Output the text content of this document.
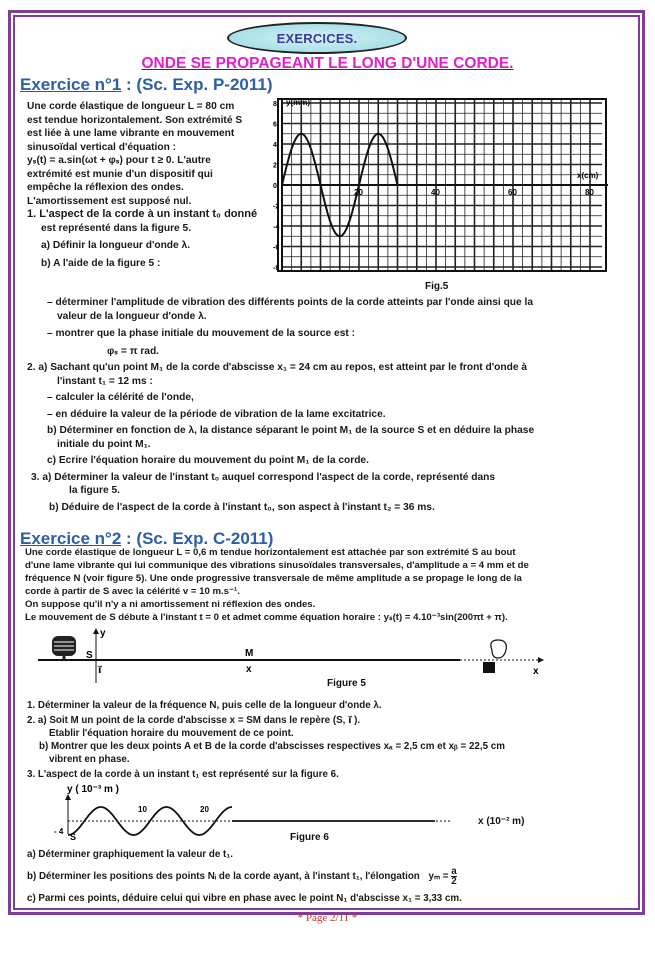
EXERCICES.
ONDE SE PROPAGEANT LE LONG D'UNE CORDE.
Exercice n°1 : (Sc. Exp. P-2011)
Une corde élastique de longueur L = 80 cm
est tendue horizontalement. Son extrémité S
est liée à une lame vibrante en mouvement
sinusoïdal vertical d'équation :
yₛ(t) = a.sin(ωt + φₛ) pour t ≥ 0. L'autre
extrémité est munie d'un dispositif qui
empêche la réflexion des ondes.
L'amortissement est supposé nul.
1. L'aspect de la corde à un instant t₀ donné
est représenté dans la figure 5.
a) Définir la longueur d'onde λ.
b) A l'aide de la figure 5 :
8
6
4
2
0
-2
-4
-6
-8
20	40	60	80
y(mm)
x(cm)
Fig.5
– déterminer l'amplitude de vibration des différents points de la corde atteints par l'onde ainsi que la
valeur de la longueur d'onde λ.
– montrer que la phase initiale du mouvement de la source est :
φₛ = π rad.
2. a) Sachant qu'un point M₁ de la corde d'abscisse x₁ = 24 cm au repos, est atteint par le front d'onde à
l'instant t₁ = 12 ms :
– calculer la célérité de l'onde,
– en déduire la valeur de la période de vibration de la lame excitatrice.
b) Déterminer en fonction de λ, la distance séparant le point M₁ de la source S et en déduire la phase
initiale du point M₁.
c) Ecrire l'équation horaire du mouvement du point M₁ de la corde.
3. a) Déterminer la valeur de l'instant t₀ auquel correspond l'aspect de la corde, représenté dans
la figure 5.
b) Déduire de l'aspect de la corde à l'instant t₀, son aspect à l'instant t₂ = 36 ms.
Exercice n°2 : (Sc. Exp. C-2011)
Une corde élastique de longueur L = 0,6 m tendue horizontalement est attachée par son extrémité S au bout
d'une lame vibrante qui lui communique des vibrations sinusoïdales transversales, d'amplitude a = 4 mm et de
fréquence N (voir figure 5). Une onde progressive transversale de même amplitude a se propage le long de la
corde à partir de S avec la célérité v = 10 m.s⁻¹.
On suppose qu'il n'y a ni amortissement ni réflexion des ondes.
Le mouvement de S débute à l'instant t = 0 et admet comme équation horaire : yₛ(t) = 4.10⁻³sin(200πt + π).
y
S
i⃗
M
x	x
Figure 5
1. Déterminer la valeur de la fréquence N, puis celle de la longueur d'onde λ.
2. a) Soit M un point de la corde d'abscisse x = SM dans le repère (S, i⃗ ).
Etablir l'équation horaire du mouvement de ce point.
b) Montrer que les deux points A et B de la corde d'abscisses respectives xₐ = 2,5 cm et xᵦ = 22,5 cm
vibrent en phase.
3. L'aspect de la corde à un instant t₁ est représenté sur la figure 6.
y ( 10⁻³ m )
10	20
- 4
S
x (10⁻² m)
Figure 6
a) Déterminer graphiquement la valeur de t₁.
b) Déterminer les positions des points Nᵢ de la corde ayant, à l'instant t₁, l'élongation $y_m = \frac{a}{2}$
c) Parmi ces points, déduire celui qui vibre en phase avec le point N₁ d'abscisse x₁ = 3,33 cm.
* Page 2/11 *
